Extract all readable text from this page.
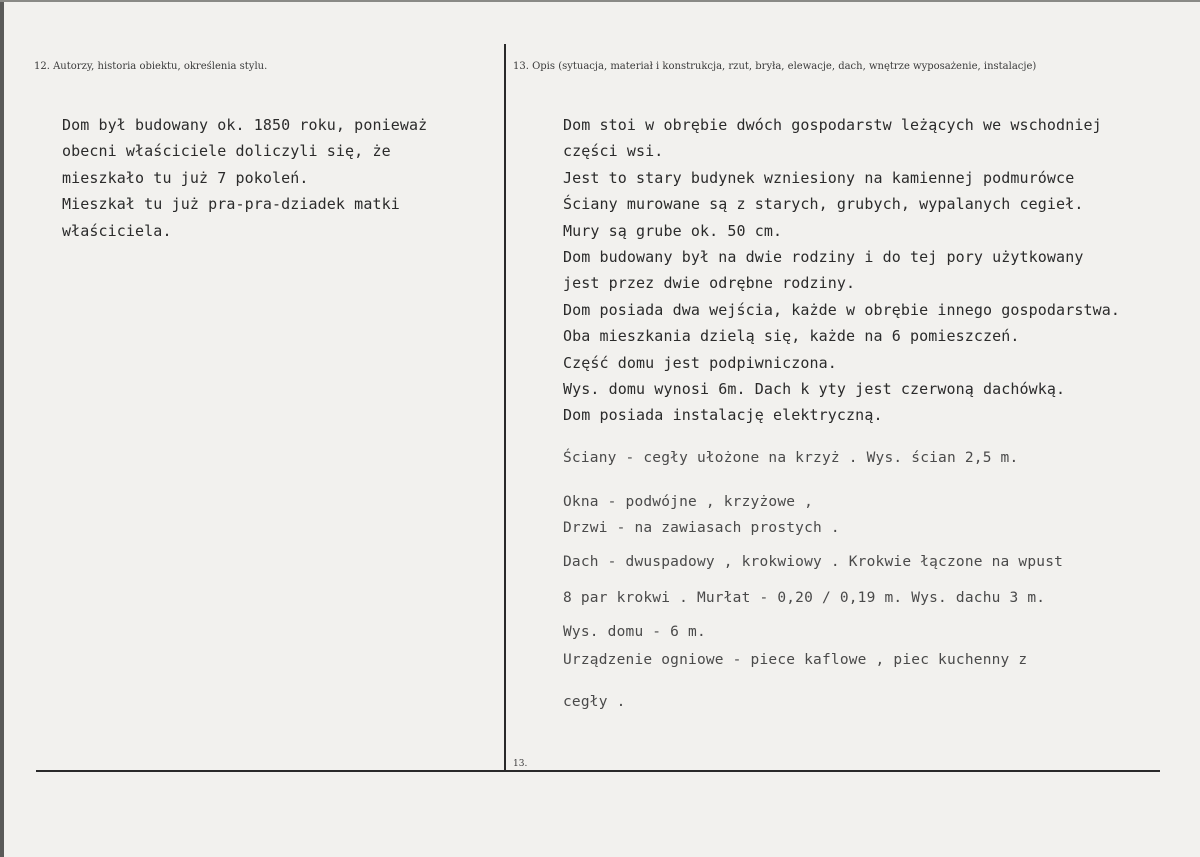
12. Autorzy, historia obiektu, określenia stylu.	13. Opis (sytuacja, materiał i konstrukcja, rzut, bryła, elewacje, dach, wnętrze wyposażenie, instalacje)
13.
Dom był budowany ok. 1850 roku, ponieważ
obecni właściciele doliczyli się, że
mieszkało tu już 7 pokoleń.
Mieszkał tu już pra-pra-dziadek matki
właściciela.
Dom stoi w obrębie dwóch gospodarstw leżących we wschodniej
części wsi.
Jest to stary budynek wzniesiony na kamiennej podmurówce
Ściany murowane są z starych, grubych, wypalanych cegieł.
Mury są grube ok. 50 cm.
Dom budowany był na dwie rodziny i do tej pory użytkowany
jest przez dwie odrębne rodziny.
Dom posiada dwa wejścia, każde w obrębie innego gospodarstwa.
Oba mieszkania dzielą się, każde na 6 pomieszczeń.
Część domu jest podpiwniczona.
Wys. domu wynosi 6m. Dach k yty jest czerwoną dachówką.
Dom posiada instalację elektryczną.
Ściany - cegły ułożone na krzyż . Wys. ścian 2,5 m.
Okna - podwójne , krzyżowe ,
Drzwi - na zawiasach prostych .
Dach - dwuspadowy , krokwiowy . Krokwie łączone na wpust
8 par krokwi . Murłat - 0,20 / 0,19 m. Wys. dachu 3 m.
Wys. domu - 6 m.
Urządzenie ogniowe - piece kaflowe , piec kuchenny z
cegły .
